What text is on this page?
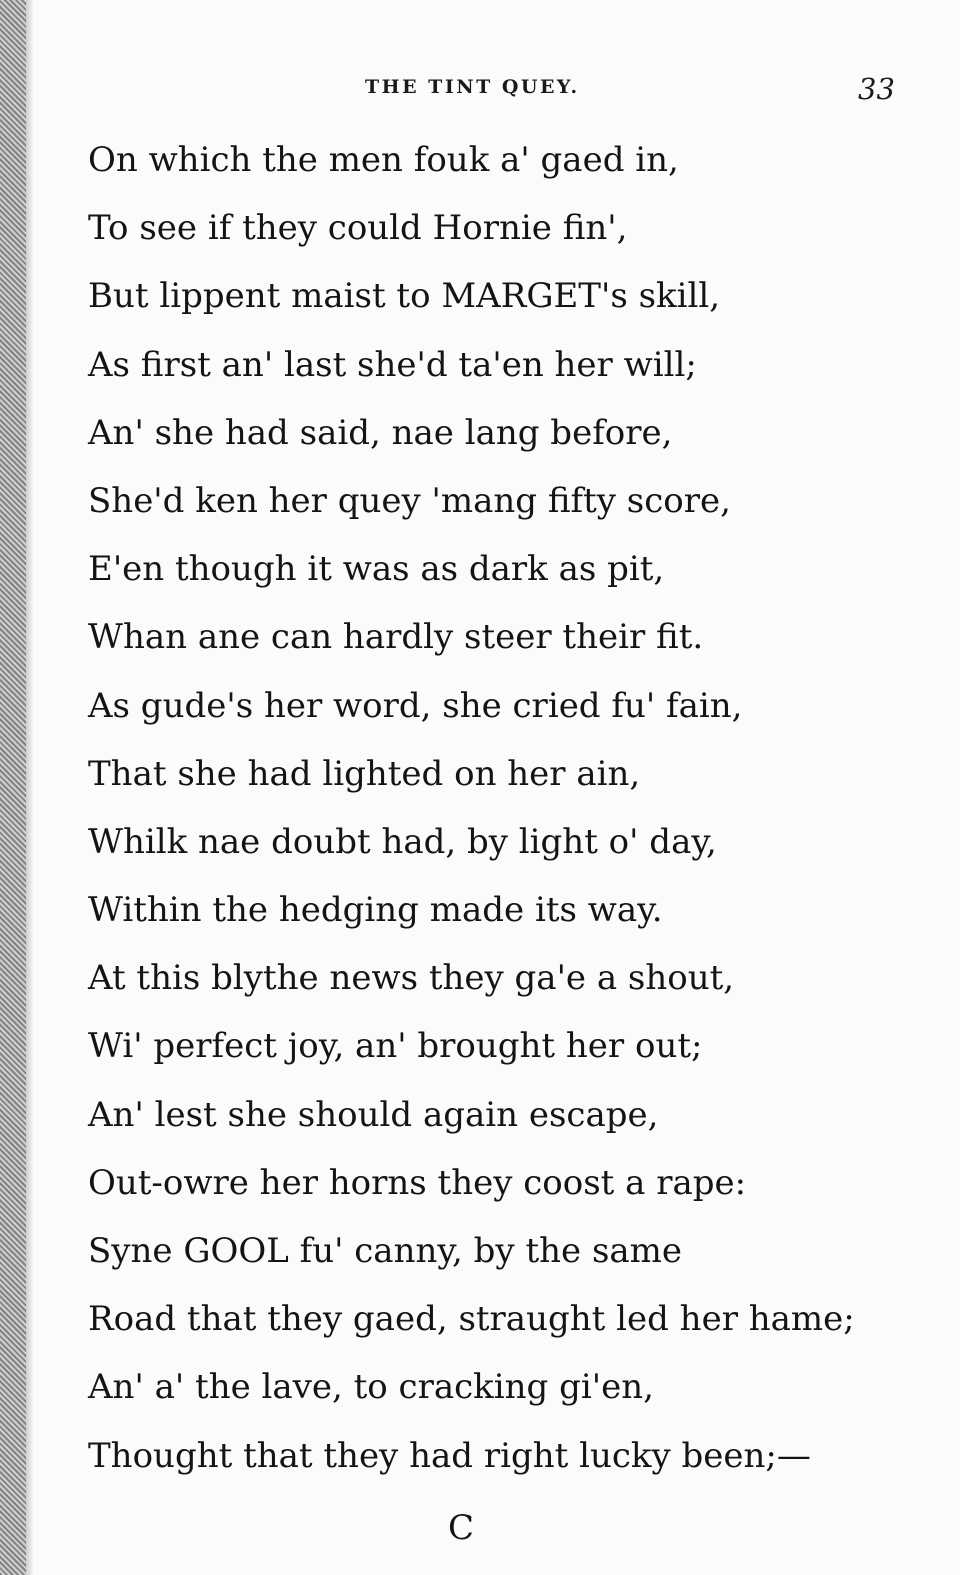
THE TINT QUEY.	33
On which the men fouk a' gaed in,
To see if they could Hornie fin',
But lippent maist to MARGET's skill,
As first an' last she'd ta'en her will;
An' she had said, nae lang before,
She'd ken her quey 'mang fifty score,
E'en though it was as dark as pit,
Whan ane can hardly steer their fit.
As gude's her word, she cried fu' fain,
That she had lighted on her ain,
Whilk nae doubt had, by light o' day,
Within the hedging made its way.
At this blythe news they ga'e a shout,
Wi' perfect joy, an' brought her out;
An' lest she should again escape,
Out-owre her horns they coost a rape:
Syne GOOL fu' canny, by the same
Road that they gaed, straught led her hame;
An' a' the lave, to cracking gi'en,
Thought that they had right lucky been;—
C
